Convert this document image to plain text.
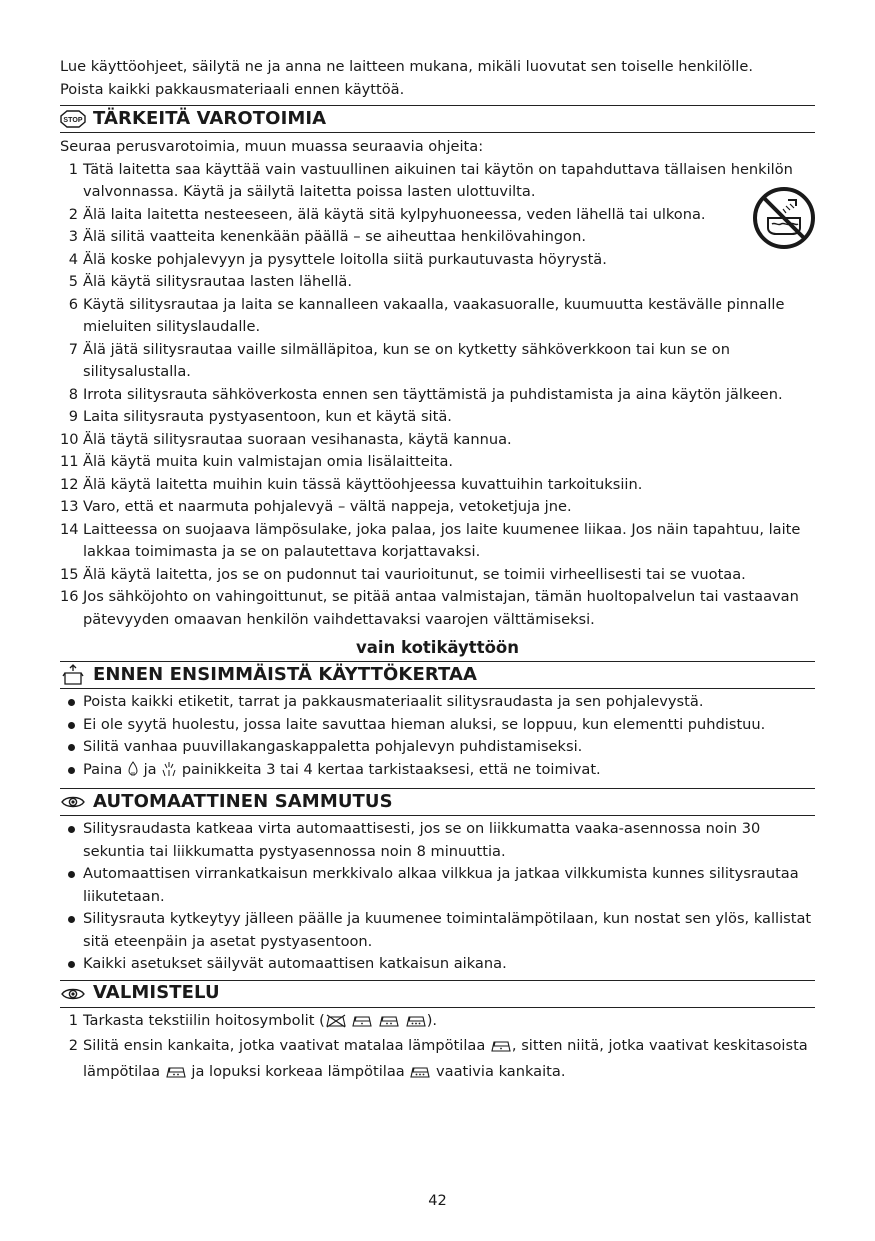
Lue käyttöohjeet, säilytä ne ja anna ne laitteen mukana, mikäli luovutat sen toiselle henkilölle.

Poista kaikki pakkausmateriaali ennen käyttöä.

STOP TÄRKEITÄ VAROTOIMIA

Seuraa perusvarotoimia, muun muassa seuraavia ohjeita:

1 Tätä laitetta saa käyttää vain vastuullinen aikuinen tai käytön on tapahduttava tällaisen henkilön valvonnassa. Käytä ja säilytä laitetta poissa lasten ulottuvilta.
2 Älä laita laitetta nesteeseen, älä käytä sitä kylpyhuoneessa, veden lähellä tai ulkona.
3 Älä silitä vaatteita kenenkään päällä – se aiheuttaa henkilövahingon.
4 Älä koske pohjalevyyn ja pysyttele loitolla siitä purkautuvasta höyrystä.
5 Älä käytä silitysrautaa lasten lähellä.
6 Käytä silitysrautaa ja laita se kannalleen vakaalla, vaakasuoralle, kuumuutta kestävälle pinnalle mieluiten silityslaudalle.
7 Älä jätä silitysrautaa vaille silmälläpitoa, kun se on kytketty sähköverkkoon tai kun se on silitysalustalla.
8 Irrota silitysrauta sähköverkosta ennen sen täyttämistä ja puhdistamista ja aina käytön jälkeen.
9 Laita silitysrauta pystyasentoon, kun et käytä sitä.
10 Älä täytä silitysrautaa suoraan vesihanasta, käytä kannua.
11 Älä käytä muita kuin valmistajan omia lisälaitteita.
12 Älä käytä laitetta muihin kuin tässä käyttöohjeessa kuvattuihin tarkoituksiin.
13 Varo, että et naarmuta pohjalevyä – vältä nappeja, vetoketjuja jne.
14 Laitteessa on suojaava lämpösulake, joka palaa, jos laite kuumenee liikaa. Jos näin tapahtuu, laite lakkaa toimimasta ja se on palautettava korjattavaksi.
15 Älä käytä laitetta, jos se on pudonnut tai vaurioitunut, se toimii virheellisesti tai se vuotaa.
16 Jos sähköjohto on vahingoittunut, se pitää antaa valmistajan, tämän huoltopalvelun tai vastaavan pätevyyden omaavan henkilön vaihdettavaksi vaarojen välttämiseksi.

vain kotikäyttöön

ENNEN ENSIMMÄISTÄ KÄYTTÖKERTAA
Poista kaikki etiketit, tarrat ja pakkausmateriaalit silitysraudasta ja sen pohjalevystä.
Ei ole syytä huolestu, jossa laite savuttaa hieman aluksi, se loppuu, kun elementti puhdistuu.
Silitä vanhaa puuvillakangaskappaletta pohjalevyn puhdistamiseksi.
Paina ja painikkeita 3 tai 4 kertaa tarkistaaksesi, että ne toimivat.
AUTOMAATTINEN SAMMUTUS
Silitysraudasta katkeaa virta automaattisesti, jos se on liikkumatta vaaka-asennossa noin 30 sekuntia tai liikkumatta pystyasennossa noin 8 minuuttia.
Automaattisen virrankatkaisun merkkivalo alkaa vilkkua ja jatkaa vilkkumista kunnes silitysrautaa liikutetaan.
Silitysrauta kytkeytyy jälleen päälle ja kuumenee toimintalämpötilaan, kun nostat sen ylös, kallistat sitä eteenpäin ja asetat pystyasentoon.
Kaikki asetukset säilyvät automaattisen katkaisun aikana.
VALMISTELU
1 Tarkasta tekstiilin hoitosymbolit (	).
2 Silitä ensin kankaita, jotka vaativat matalaa lämpötilaa , sitten niitä, jotka vaativat keskitasoista lämpötilaa ja lopuksi korkeaa lämpötilaa vaativia kankaita.
42
